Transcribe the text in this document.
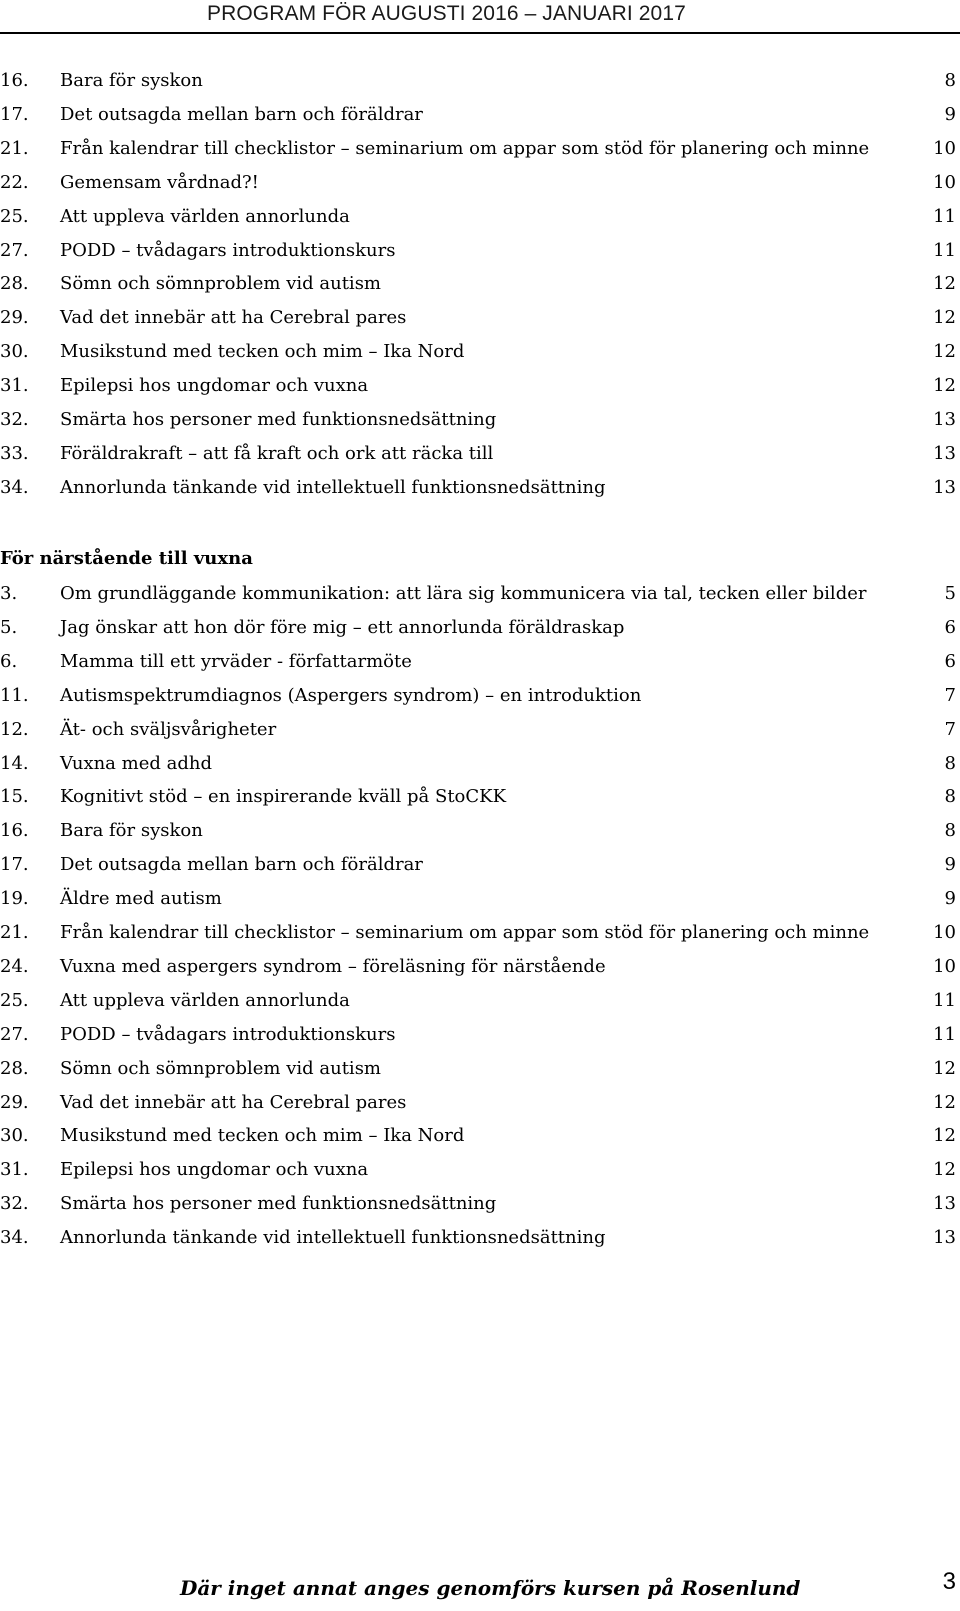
PROGRAM FÖR AUGUSTI 2016 – JANUARI 2017
16.	Bara för syskon	8
17.	Det outsagda mellan barn och föräldrar	9
21.	Från kalendrar till checklistor – seminarium om appar som stöd för planering och minne	10
22.	Gemensam vårdnad?!	10
25.	Att uppleva världen annorlunda	11
27.	PODD – tvådagars introduktionskurs	11
28.	Sömn och sömnproblem vid autism	12
29.	Vad det innebär att ha Cerebral pares	12
30.	Musikstund med tecken och mim – Ika Nord	12
31.	Epilepsi hos ungdomar och vuxna	12
32.	Smärta hos personer med funktionsnedsättning	13
33.	Föräldrakraft – att få kraft och ork att räcka till	13
34.	Annorlunda tänkande vid intellektuell funktionsnedsättning	13
För närstående till vuxna
3.	Om grundläggande kommunikation: att lära sig kommunicera via tal, tecken eller bilder	5
5.	Jag önskar att hon dör före mig – ett annorlunda föräldraskap	6
6.	Mamma till ett yrväder - författarmöte	6
11.	Autismspektrumdiagnos (Aspergers syndrom) – en introduktion	7
12.	Ät- och sväljsvårigheter	7
14.	Vuxna med adhd	8
15.	Kognitivt stöd – en inspirerande kväll på StoCKK	8
16.	Bara för syskon	8
17.	Det outsagda mellan barn och föräldrar	9
19.	Äldre med autism	9
21.	Från kalendrar till checklistor – seminarium om appar som stöd för planering och minne	10
24.	Vuxna med aspergers syndrom – föreläsning för närstående	10
25.	Att uppleva världen annorlunda	11
27.	PODD – tvådagars introduktionskurs	11
28.	Sömn och sömnproblem vid autism	12
29.	Vad det innebär att ha Cerebral pares	12
30.	Musikstund med tecken och mim – Ika Nord	12
31.	Epilepsi hos ungdomar och vuxna	12
32.	Smärta hos personer med funktionsnedsättning	13
34.	Annorlunda tänkande vid intellektuell funktionsnedsättning	13
Där inget annat anges genomförs kursen på Rosenlund	3
